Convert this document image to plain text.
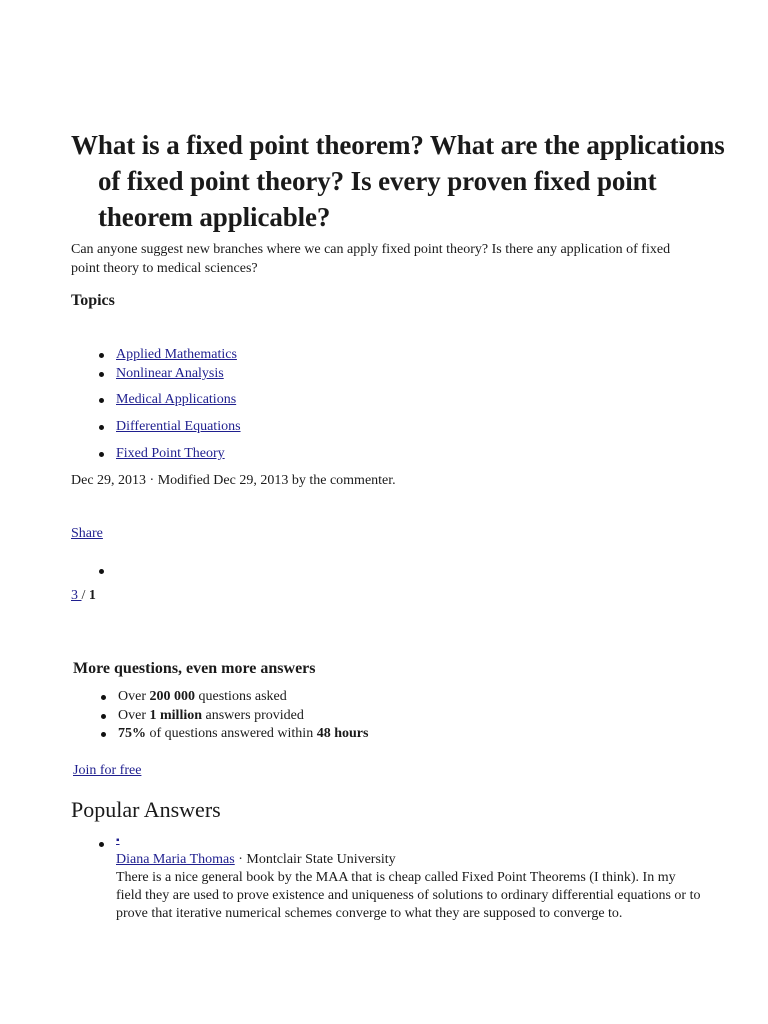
What is a fixed point theorem? What are the applications of fixed point theory? Is every proven fixed point theorem applicable?

Can anyone suggest new branches where we can apply fixed point theory? Is there any application of fixed point theory to medical sciences?

Topics
Applied Mathematics
Nonlinear Analysis
Medical Applications
Differential Equations
Fixed Point Theory

Dec 29, 2013 · Modified Dec 29, 2013 by the commenter.

Share
3 / 1
More questions, even more answers
Over 200 000 questions asked
Over 1 million answers provided
75% of questions answered within 48 hours
Join for free
Popular Answers
▪
Diana Maria Thomas · Montclair State University

There is a nice general book by the MAA that is cheap called Fixed Point Theorems (I think). In my field they are used to prove existence and uniqueness of solutions to ordinary differential equations or to prove that iterative numerical schemes converge to what they are supposed to converge to.
